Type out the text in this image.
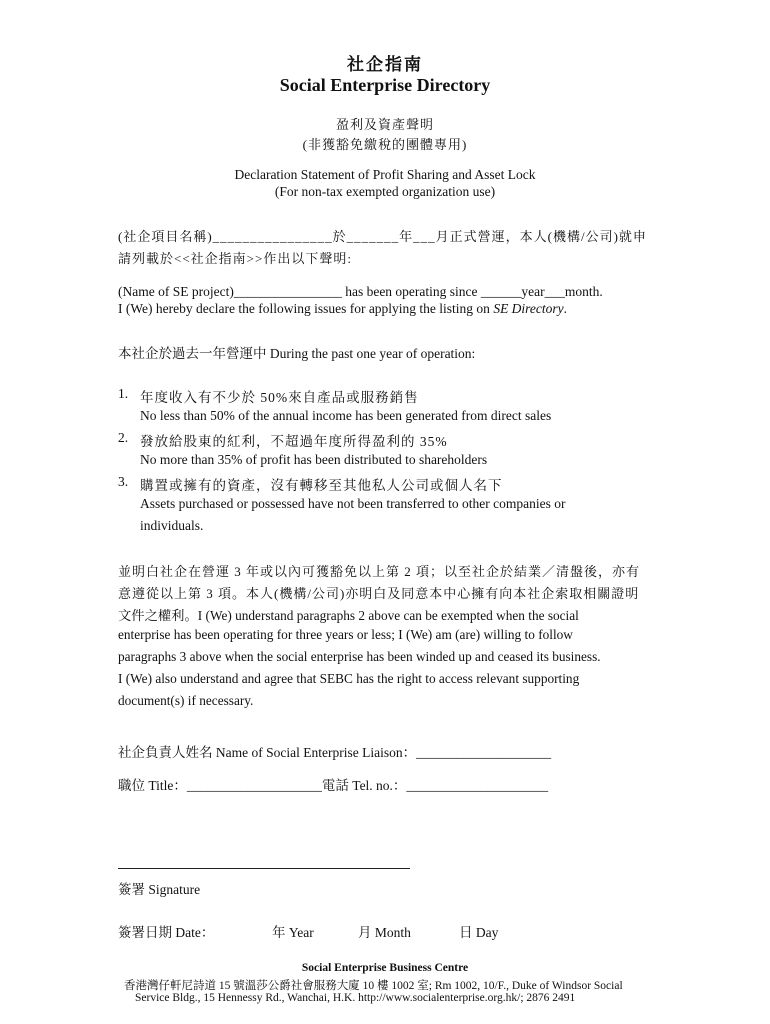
社企指南
Social Enterprise Directory
盈利及資產聲明
(非獲豁免繳稅的團體專用)
Declaration Statement of Profit Sharing and Asset Lock
(For non-tax exempted organization use)
(社企項目名稱)________________於_______年___月正式營運，本人(機構/公司)就申
請列載於<<社企指南>>作出以下聲明:
(Name of SE project)________________ has been operating since ______year___month.
I (We) hereby declare the following issues for applying the listing on SE Directory.
本社企於過去一年營運中 During the past one year of operation:
1. 年度收入有不少於 50%來自產品或服務銷售
No less than 50% of the annual income has been generated from direct sales
2. 發放給股東的紅利，不超過年度所得盈利的 35%
No more than 35% of profit has been distributed to shareholders
3. 購置或擁有的資產，沒有轉移至其他私人公司或個人名下
Assets purchased or possessed have not been transferred to other companies or
individuals.
並明白社企在營運 3 年或以內可獲豁免以上第 2 項；以至社企於結業／清盤後，亦有
意遵從以上第 3 項。本人(機構/公司)亦明白及同意本中心擁有向本社企索取相關證明
文件之權利。I (We) understand paragraphs 2 above can be exempted when the social
enterprise has been operating for three years or less; I (We) am (are) willing to follow
paragraphs 3 above when the social enterprise has been winded up and ceased its business.
I (We) also understand and agree that SEBC has the right to access relevant supporting
document(s) if necessary.
社企負責人姓名 Name of Social Enterprise Liaison：____________________
職位 Title：____________________電話 Tel. no.：_____________________
簽署 Signature
簽署日期 Date：	年 Year	月 Month	日 Day
Social Enterprise Business Centre
香港灣仔軒尼詩道 15 號溫莎公爵社會服務大廈 10 樓 1002 室; Rm 1002, 10/F., Duke of Windsor Social
Service Bldg., 15 Hennessy Rd., Wanchai, H.K. http://www.socialenterprise.org.hk/; 2876 2491
